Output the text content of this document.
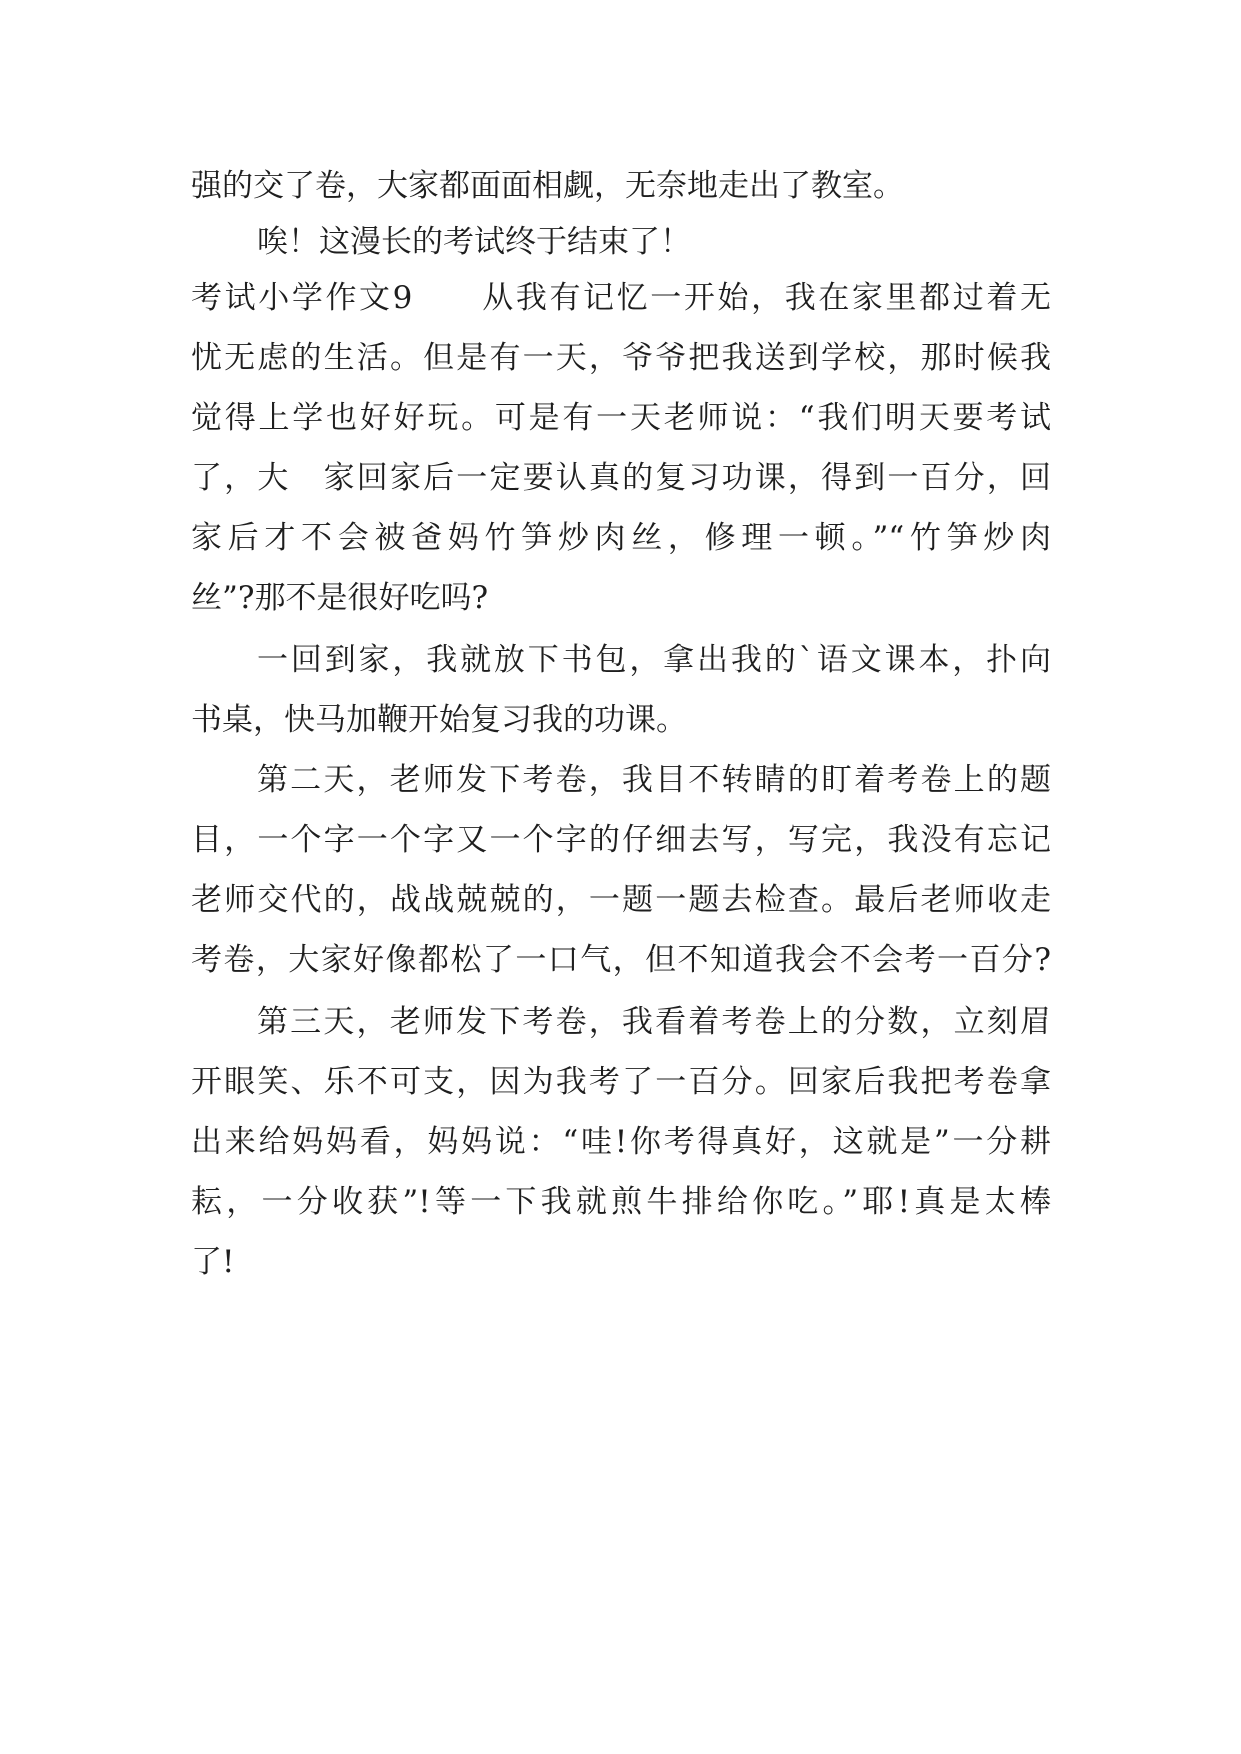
强的交了卷，大家都面面相觑，无奈地走出了教室。
唉！这漫长的考试终于结束了！
考试小学作文9　　从我有记忆一开始，我在家里都过着无
忧无虑的生活。但是有一天，爷爷把我送到学校，那时候我
觉得上学也好好玩。可是有一天老师说：“我们明天要考试
了，大　家回家后一定要认真的复习功课，得到一百分，回
家后才不会被爸妈竹笋炒肉丝，修理一顿。”“竹笋炒肉
丝”?那不是很好吃吗?
一回到家，我就放下书包，拿出我的`语文课本，扑向
书桌，快马加鞭开始复习我的功课。
第二天，老师发下考卷，我目不转睛的盯着考卷上的题
目，一个字一个字又一个字的仔细去写，写完，我没有忘记
老师交代的，战战兢兢的，一题一题去检查。最后老师收走
考卷，大家好像都松了一口气，但不知道我会不会考一百分?
第三天，老师发下考卷，我看着考卷上的分数，立刻眉
开眼笑、乐不可支，因为我考了一百分。回家后我把考卷拿
出来给妈妈看，妈妈说：“哇!你考得真好，这就是”一分耕
耘，一分收获”!等一下我就煎牛排给你吃。”耶!真是太棒
了!
